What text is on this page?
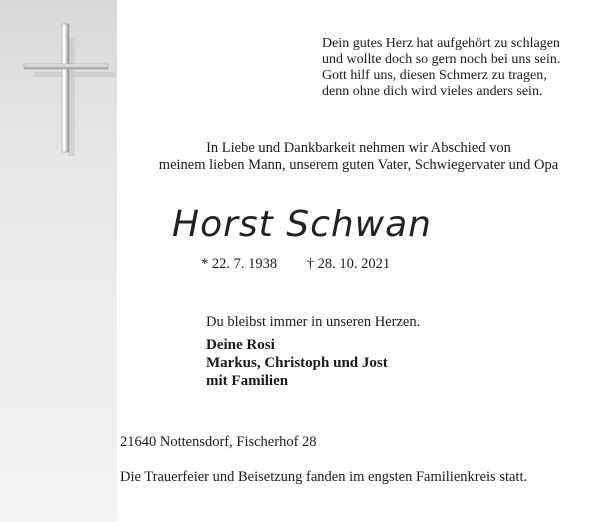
Dein gutes Herz hat aufgehört zu schlagen
und wollte doch so gern noch bei uns sein.
Gott hilf uns, diesen Schmerz zu tragen,
denn ohne dich wird vieles anders sein.
In Liebe und Dankbarkeit nehmen wir Abschied von
meinem lieben Mann, unserem guten Vater, Schwiegervater und Opa
Horst Schwan
* 22. 7. 1938 † 28. 10. 2021
Du bleibst immer in unseren Herzen.
Deine Rosi
Markus, Christoph und Jost
mit Familien
21640 Nottensdorf, Fischerhof 28
Die Trauerfeier und Beisetzung fanden im engsten Familienkreis statt.
